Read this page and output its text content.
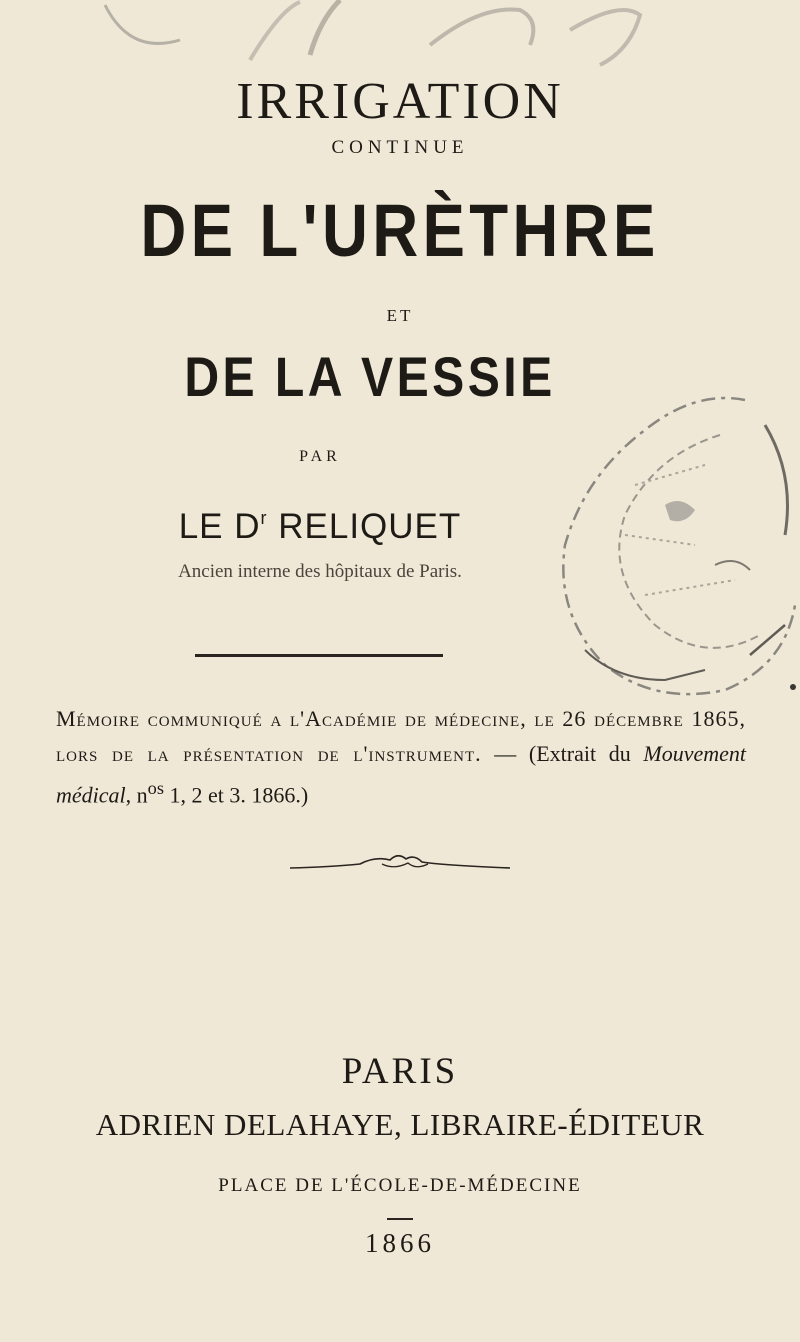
IRRIGATION
CONTINUE
DE L'URÈTHRE
ET
DE LA VESSIE
PAR
LE $D^r$ RELIQUET
Ancien interne des hôpitaux de Paris.
Mémoire communiqué a l'Académie de médecine, le 26 décembre 1865, lors de la présentation de l'instrument. — (Extrait du Mouvement médical, $n^{os}$ 1, 2 et 3. 1866.)
PARIS
ADRIEN DELAHAYE, LIBRAIRE-ÉDITEUR
PLACE DE L'ÉCOLE-DE-MÉDECINE
1866
